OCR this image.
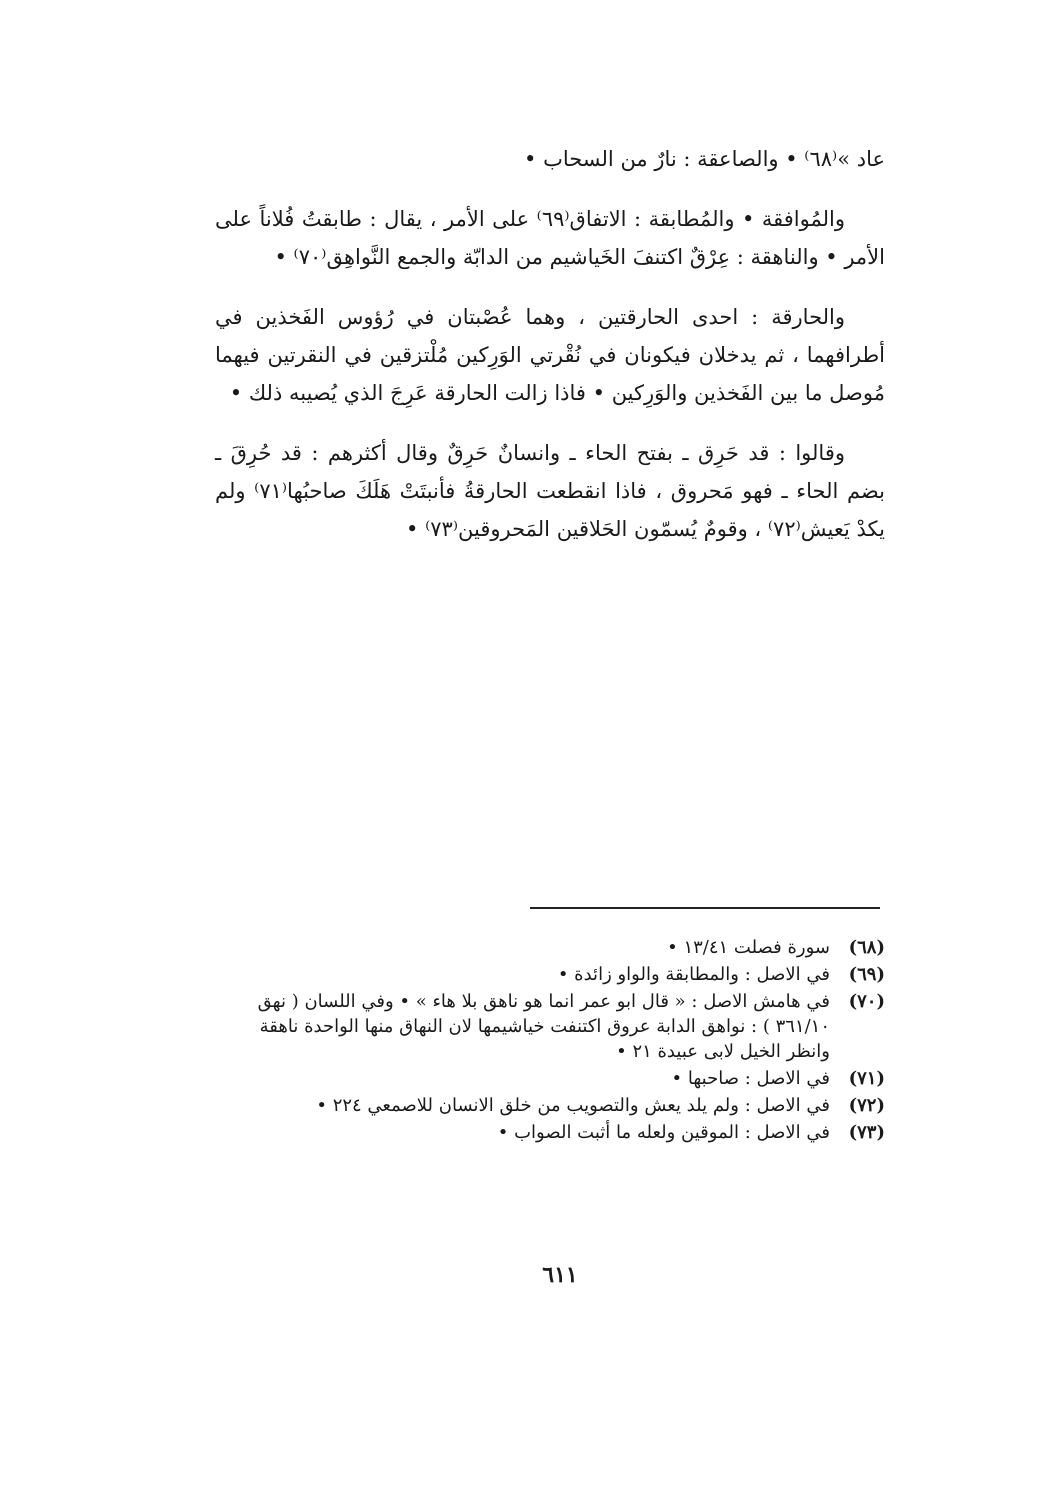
عاد »⁽٦٨⁾ • والصاعقة : نارٌ من السحاب •

والمُوافقة • والمُطابقة : الاتفاق⁽٦٩⁾ على الأمر ، يقال : طابقتُ فُلاناً على الأمر • والناهقة : عِرْقٌ اكتنفَ الخَياشيم من الدابّة والجمع النَّواهِق⁽٧٠⁾ •

والحارقة : احدى الحارقتين ، وهما عُصْبتان في رُؤوس الفَخذين في أطرافهما ، ثم يدخلان فيكونان في نُقْرتي الوَرِكين مُلْتزقين في النقرتين فيهما مُوصل ما بين الفَخذين والوَرِكين • فاذا زالت الحارقة عَرِجَ الذي يُصيبه ذلك •

وقالوا : قد حَرِق ـ بفتح الحاء ـ وانسانٌ حَرِقٌ وقال أكثرهم : قد حُرِقَ ـ بضم الحاء ـ فهو مَحروق ، فاذا انقطعت الحارقةُ فأنبتَتْ هَلَكَ صاحبُها⁽٧١⁾ ولم يكدْ يَعيش⁽٧٢⁾ ، وقومٌ يُسمّون الحَلاقين المَحروقين⁽٧٣⁾ •

(٦٨)
سورة فصلت ١٣/٤١ •
(٦٩)
في الاصل : والمطابقة والواو زائدة •
(٧٠)
في هامش الاصل : « قال ابو عمر انما هو ناهق بلا هاء » • وفي اللسان ( نهق ٣٦١/١٠ ) : نواهق الدابة عروق اكتنفت خياشيمها لان النهاق منها الواحدة ناهقة وانظر الخيل لابى عبيدة ٢١ •
(٧١)
في الاصل : صاحبها •
(٧٢)
في الاصل : ولم يلد يعش والتصويب من خلق الانسان للاصمعي ٢٢٤ •
(٧٣)
في الاصل : الموقين ولعله ما أثبت الصواب •
٦١١
